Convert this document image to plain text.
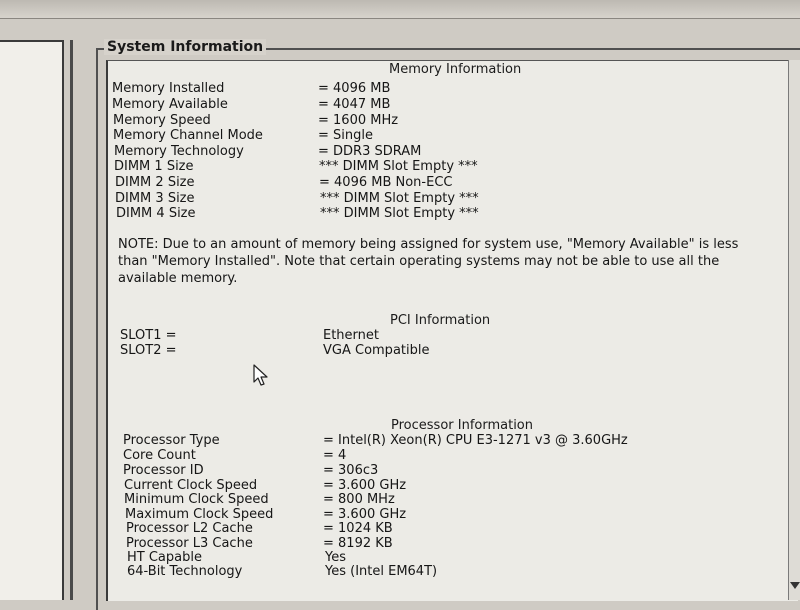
System Information
Memory Information
Memory Installed	= 4096 MB
Memory Available	= 4047 MB
Memory Speed	= 1600 MHz
Memory Channel Mode	= Single
Memory Technology	= DDR3 SDRAM
DIMM 1 Size	*** DIMM Slot Empty ***
DIMM 2 Size	= 4096 MB Non-ECC
DIMM 3 Size	*** DIMM Slot Empty ***
DIMM 4 Size	*** DIMM Slot Empty ***
NOTE: Due to an amount of memory being assigned for system use, "Memory Available" is less than "Memory Installed". Note that certain operating systems may not be able to use all the available memory.
PCI Information
SLOT1 =	Ethernet
SLOT2 =	VGA Compatible
Processor Information
Processor Type	= Intel(R) Xeon(R) CPU E3-1271 v3 @ 3.60GHz
Core Count	= 4
Processor ID	= 306c3
Current Clock Speed	= 3.600 GHz
Minimum Clock Speed	= 800 MHz
Maximum Clock Speed	= 3.600 GHz
Processor L2 Cache	= 1024 KB
Processor L3 Cache	= 8192 KB
HT Capable	Yes
64-Bit Technology	Yes (Intel EM64T)
